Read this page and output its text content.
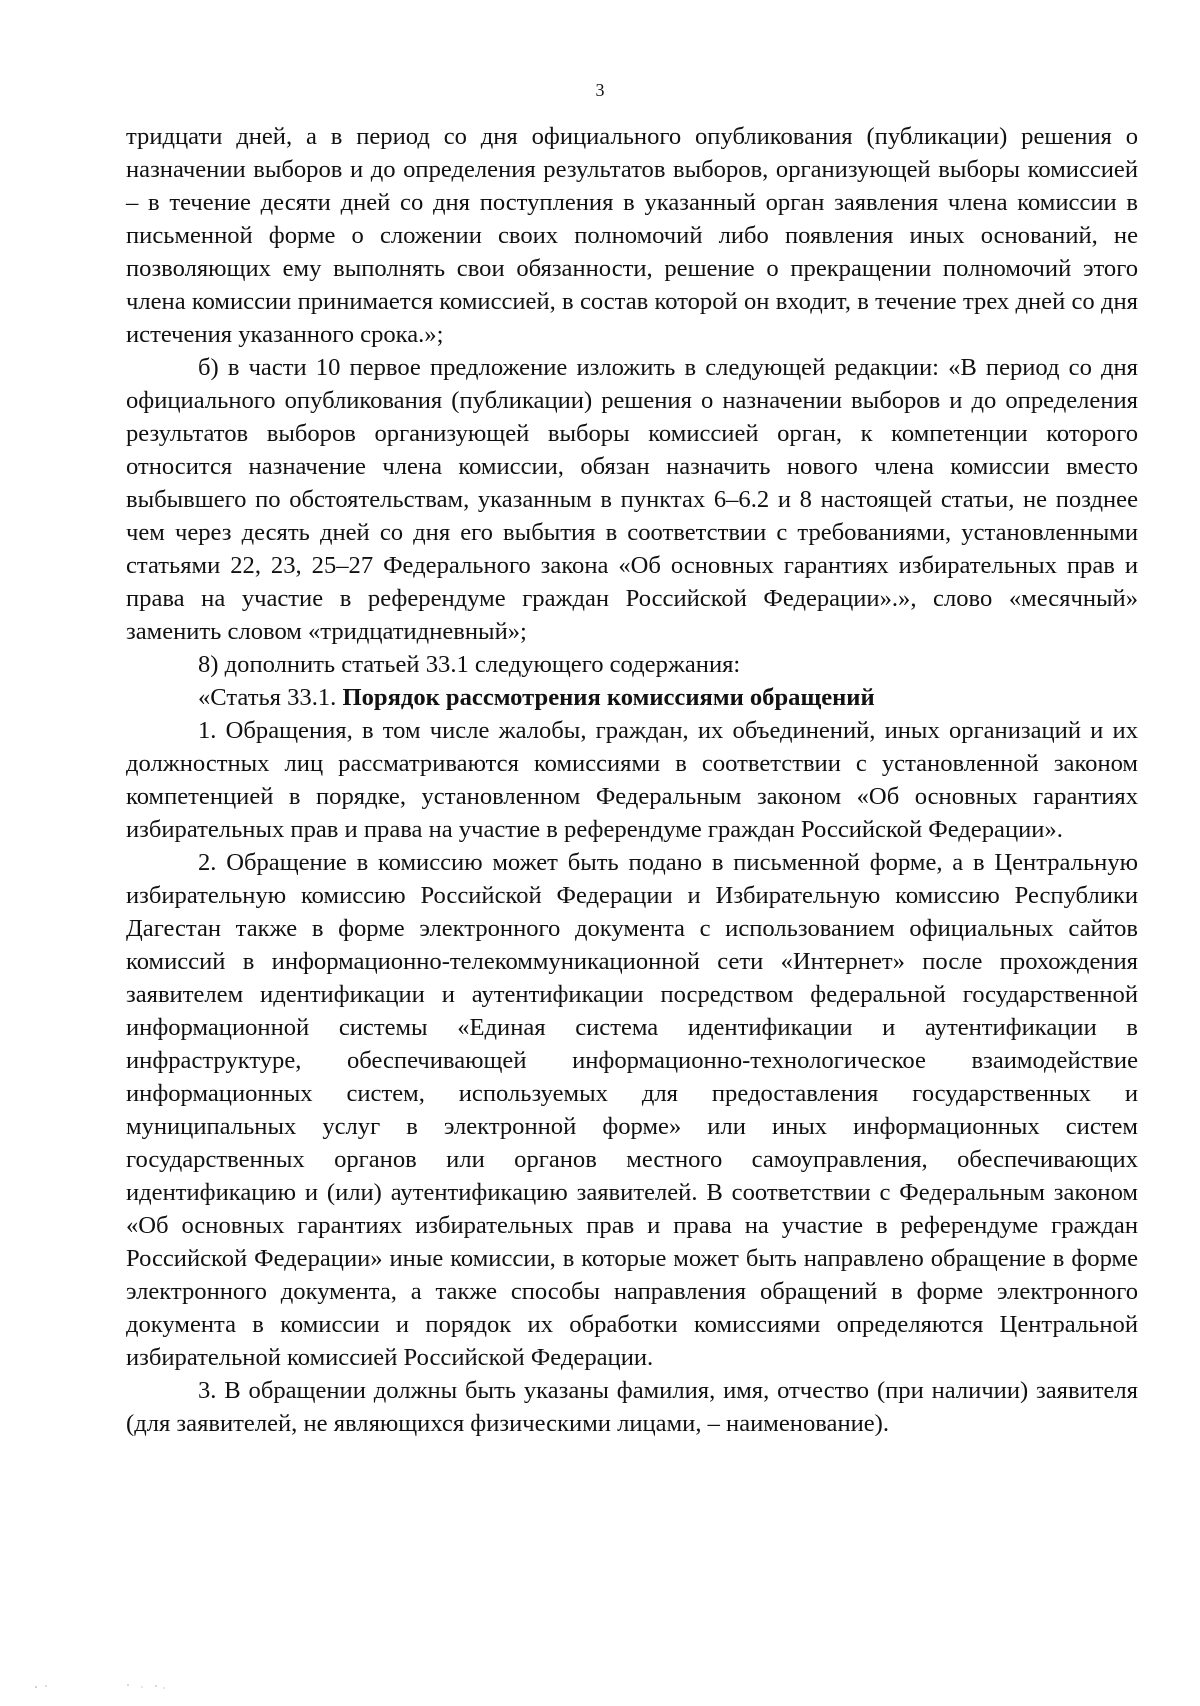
3

тридцати дней, а в период со дня официального опубликования (публикации) решения о назначении выборов и до определения результатов выборов, организующей выборы комиссией – в течение десяти дней со дня поступления в указанный орган заявления члена комиссии в письменной форме о сложении своих полномочий либо появления иных оснований, не позволяющих ему выполнять свои обязанности, решение о прекращении полномочий этого члена комиссии принимается комиссией, в состав которой он входит, в течение трех дней со дня истечения указанного срока.»;

б) в части 10 первое предложение изложить в следующей редакции: «В период со дня официального опубликования (публикации) решения о назначении выборов и до определения результатов выборов организующей выборы комиссией орган, к компетенции которого относится назначение члена комиссии, обязан назначить нового члена комиссии вместо выбывшего по обстоятельствам, указанным в пунктах 6–6.2 и 8 настоящей статьи, не позднее чем через десять дней со дня его выбытия в соответствии с требованиями, установленными статьями 22, 23, 25–27 Федерального закона «Об основных гарантиях избирательных прав и права на участие в референдуме граждан Российской Федерации».», слово «месячный» заменить словом «тридцатидневный»;

8) дополнить статьей 33.1 следующего содержания:

«Статья 33.1. Порядок рассмотрения комиссиями обращений

1. Обращения, в том числе жалобы, граждан, их объединений, иных организаций и их должностных лиц рассматриваются комиссиями в соответствии с установленной законом компетенцией в порядке, установленном Федеральным законом «Об основных гарантиях избирательных прав и права на участие в референдуме граждан Российской Федерации».

2. Обращение в комиссию может быть подано в письменной форме, а в Центральную избирательную комиссию Российской Федерации и Избирательную комиссию Республики Дагестан также в форме электронного документа с использованием официальных сайтов комиссий в информационно-телекоммуникационной сети «Интернет» после прохождения заявителем идентификации и аутентификации посредством федеральной государственной информационной системы «Единая система идентификации и аутентификации в инфраструктуре, обеспечивающей информационно-технологическое взаимодействие информационных систем, используемых для предоставления государственных и муниципальных услуг в электронной форме» или иных информационных систем государственных органов или органов местного самоуправления, обеспечивающих идентификацию и (или) аутентификацию заявителей. В соответствии с Федеральным законом «Об основных гарантиях избирательных прав и права на участие в референдуме граждан Российской Федерации» иные комиссии, в которые может быть направлено обращение в форме электронного документа, а также способы направления обращений в форме электронного документа в комиссии и порядок их обработки комиссиями определяются Центральной избирательной комиссией Российской Федерации.

3. В обращении должны быть указаны фамилия, имя, отчество (при наличии) заявителя (для заявителей, не являющихся физическими лицами, – наименование).
